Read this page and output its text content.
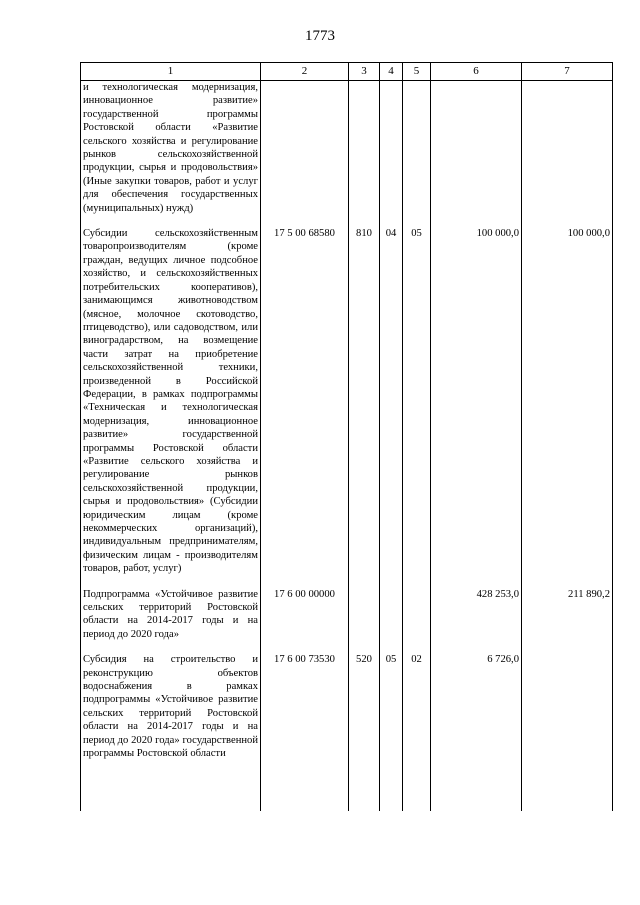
1773
1	2	3	4	5	6	7
и технологическая модернизация, инновационное развитие» государственной программы Ростовской области «Развитие сельского хозяйства и регулирование рынков сельскохозяйственной продукции, сырья и продовольствия» (Иные закупки товаров, работ и услуг для обеспечения государственных (муниципальных) нужд)						

Субсидии сельскохозяйственным товаропроизводителям (кроме граждан, ведущих личное подсобное хозяйство, и сельскохозяйственных потребительских кооперативов), занимающимся животноводством (мясное, молочное скотоводство, птицеводство), или садоводством, или виноградарством, на возмещение части затрат на приобретение сельскохозяйственной техники, произведенной в Российской Федерации, в рамках подпрограммы «Техническая и технологическая модернизация, инновационное развитие» государственной программы Ростовской области «Развитие сельского хозяйства и регулирование рынков сельскохозяйственной продукции, сырья и продовольствия» (Субсидии юридическим лицам (кроме некоммерческих организаций), индивидуальным предпринимателям, физическим лицам - производителям товаров, работ, услуг)	17 5 00 68580	810	04	05	100 000,0	100 000,0

Подпрограмма «Устойчивое развитие сельских территорий Ростовской области на 2014-2017 годы и на период до 2020 года»	17 6 00 00000				428 253,0	211 890,2

Субсидия на строительство и реконструкцию объектов водоснабжения в рамках подпрограммы «Устойчивое развитие сельских территорий Ростовской области на 2014-2017 годы и на период до 2020 года» государственной программы Ростовской области	17 6 00 73530	520	05	02	6 726,0	
